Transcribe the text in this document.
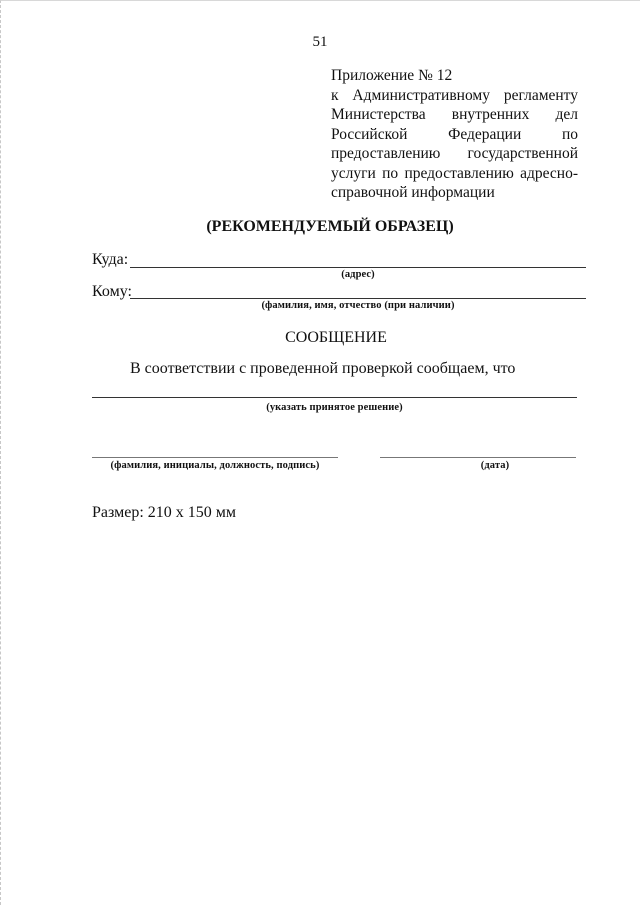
51
Приложение № 12
к Административному регламенту
Министерства внутренних дел
Российской Федерации по
предоставлению государственной
услуги по предоставлению адресно-
справочной информации
(РЕКОМЕНДУЕМЫЙ ОБРАЗЕЦ)
Куда:
(адрес)
Кому:
(фамилия, имя, отчество (при наличии)
СООБЩЕНИЕ
В соответствии с проведенной проверкой сообщаем, что
(указать принятое решение)
(фамилия, инициалы, должность, подпись)	(дата)
Размер: 210 х 150 мм
